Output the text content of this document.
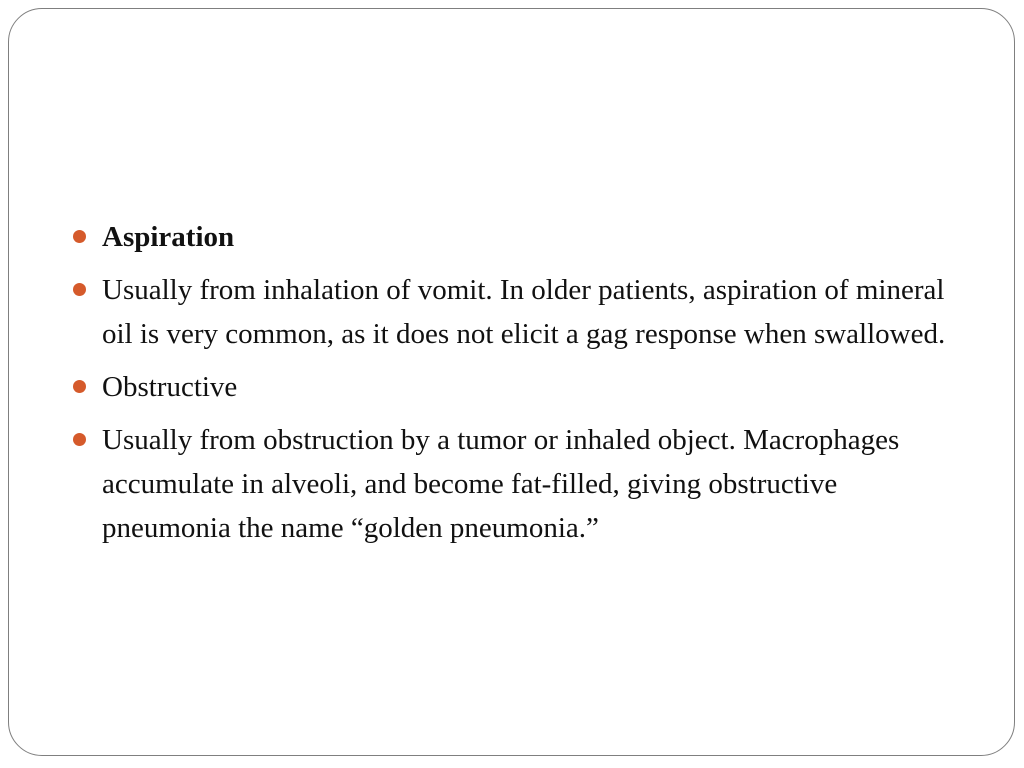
Aspiration
Usually from inhalation of vomit. In older patients, aspiration of mineral oil is very common, as it does not elicit a gag response when swallowed.
Obstructive
Usually from obstruction by a tumor or inhaled object. Macrophages accumulate in alveoli, and become fat-filled, giving obstructive pneumonia the name “golden pneumonia.”
